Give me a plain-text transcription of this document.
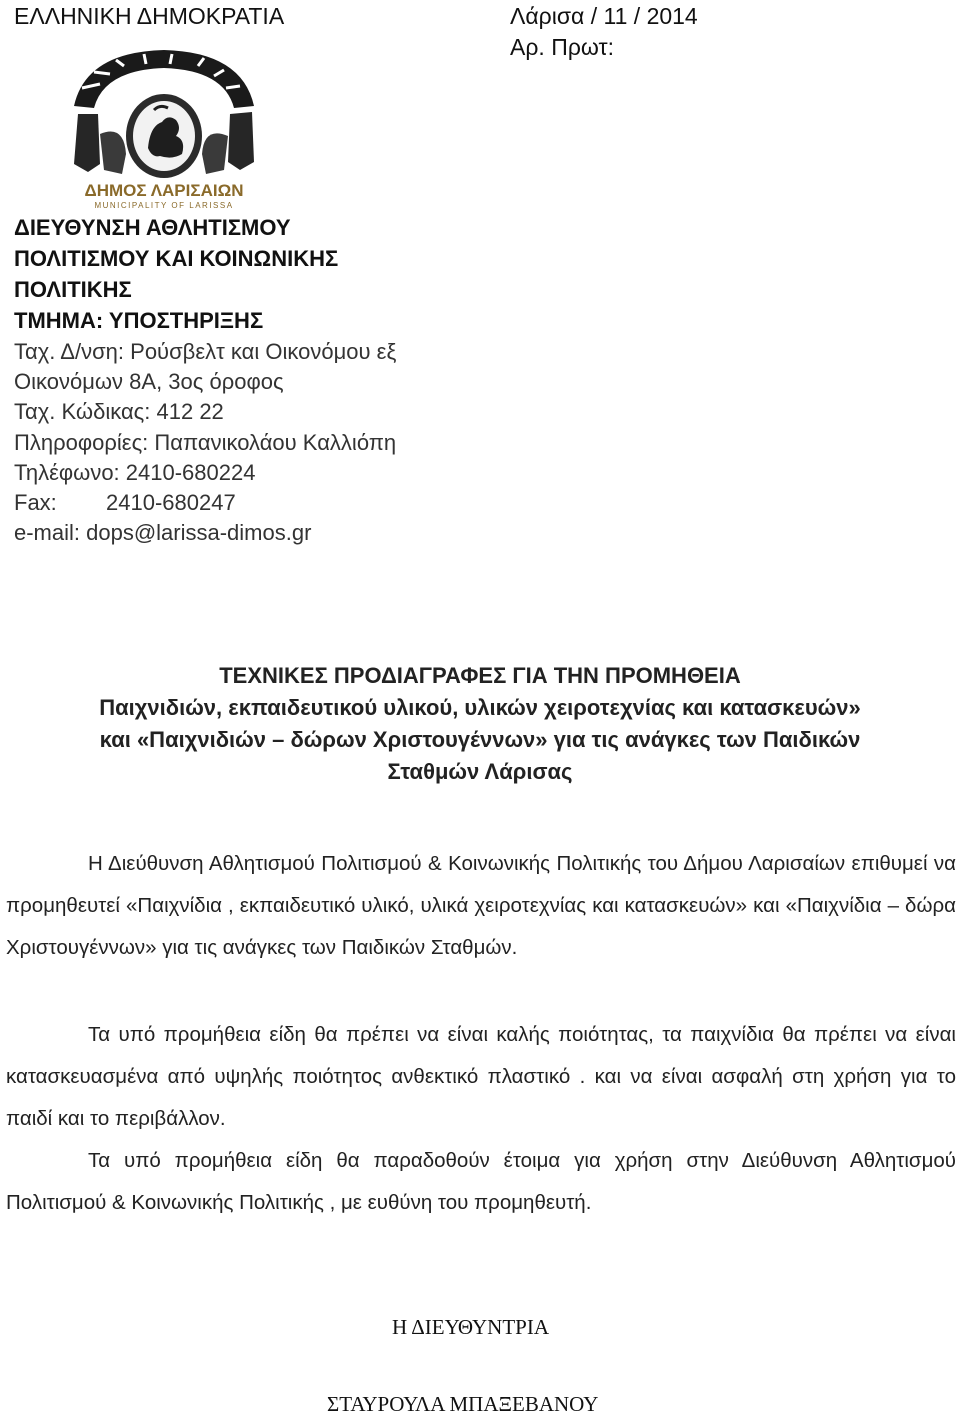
ΕΛΛΗΝΙΚΗ ΔΗΜΟΚΡΑΤΙΑ	Λάρισα / 11 / 2014

Αρ. Πρωτ:

ΔΗΜΟΣ ΛΑΡΙΣΑΙΩΝ
MUNICIPALITY OF LARISSA
ΔΙΕΥΘΥΝΣΗ ΑΘΛΗΤΙΣΜΟΥ
ΠΟΛΙΤΙΣΜΟΥ ΚΑΙ ΚΟΙΝΩΝΙΚΗΣ
ΠΟΛΙΤΙΚΗΣ
ΤΜΗΜΑ: ΥΠΟΣΤΗΡΙΞΗΣ
Ταχ. Δ/νση: Ρούσβελτ και Οικονόμου εξ
Οικονόμων 8Α, 3ος όροφος
Ταχ. Κώδικας: 412 22
Πληροφορίες: Παπανικολάου Καλλιόπη
Τηλέφωνο: 2410-680224
Fax: 2410-680247
e-mail: dops@larissa-dimos.gr
ΤΕΧΝΙΚΕΣ ΠΡΟΔΙΑΓΡΑΦΕΣ ΓΙΑ ΤΗΝ ΠΡΟΜΗΘΕΙΑ
Παιχνιδιών, εκπαιδευτικού υλικού, υλικών χειροτεχνίας και κατασκευών»
και «Παιχνιδιών – δώρων Χριστουγέννων» για τις ανάγκες των Παιδικών
Σταθμών Λάρισας

Η Διεύθυνση Αθλητισμού Πολιτισμού & Κοινωνικής Πολιτικής του Δήμου Λαρισαίων επιθυμεί να προμηθευτεί «Παιχνίδια , εκπαιδευτικό υλικό, υλικά χειροτεχνίας και κατασκευών» και «Παιχνίδια – δώρα Χριστουγέννων» για τις ανάγκες των Παιδικών Σταθμών.

Τα υπό προμήθεια είδη θα πρέπει να είναι καλής ποιότητας, τα παιχνίδια θα πρέπει να είναι κατασκευασμένα από υψηλής ποιότητος ανθεκτικό πλαστικό . και να είναι ασφαλή στη χρήση για το παιδί και το περιβάλλον.

Τα υπό προμήθεια είδη θα παραδοθούν έτοιμα για χρήση στην Διεύθυνση Αθλητισμού Πολιτισμού & Κοινωνικής Πολιτικής , με ευθύνη του προμηθευτή.

Η ΔΙΕΥΘΥΝΤΡΙΑ

ΣΤΑΥΡΟΥΛΑ ΜΠΑΞΕΒΑΝΟΥ
